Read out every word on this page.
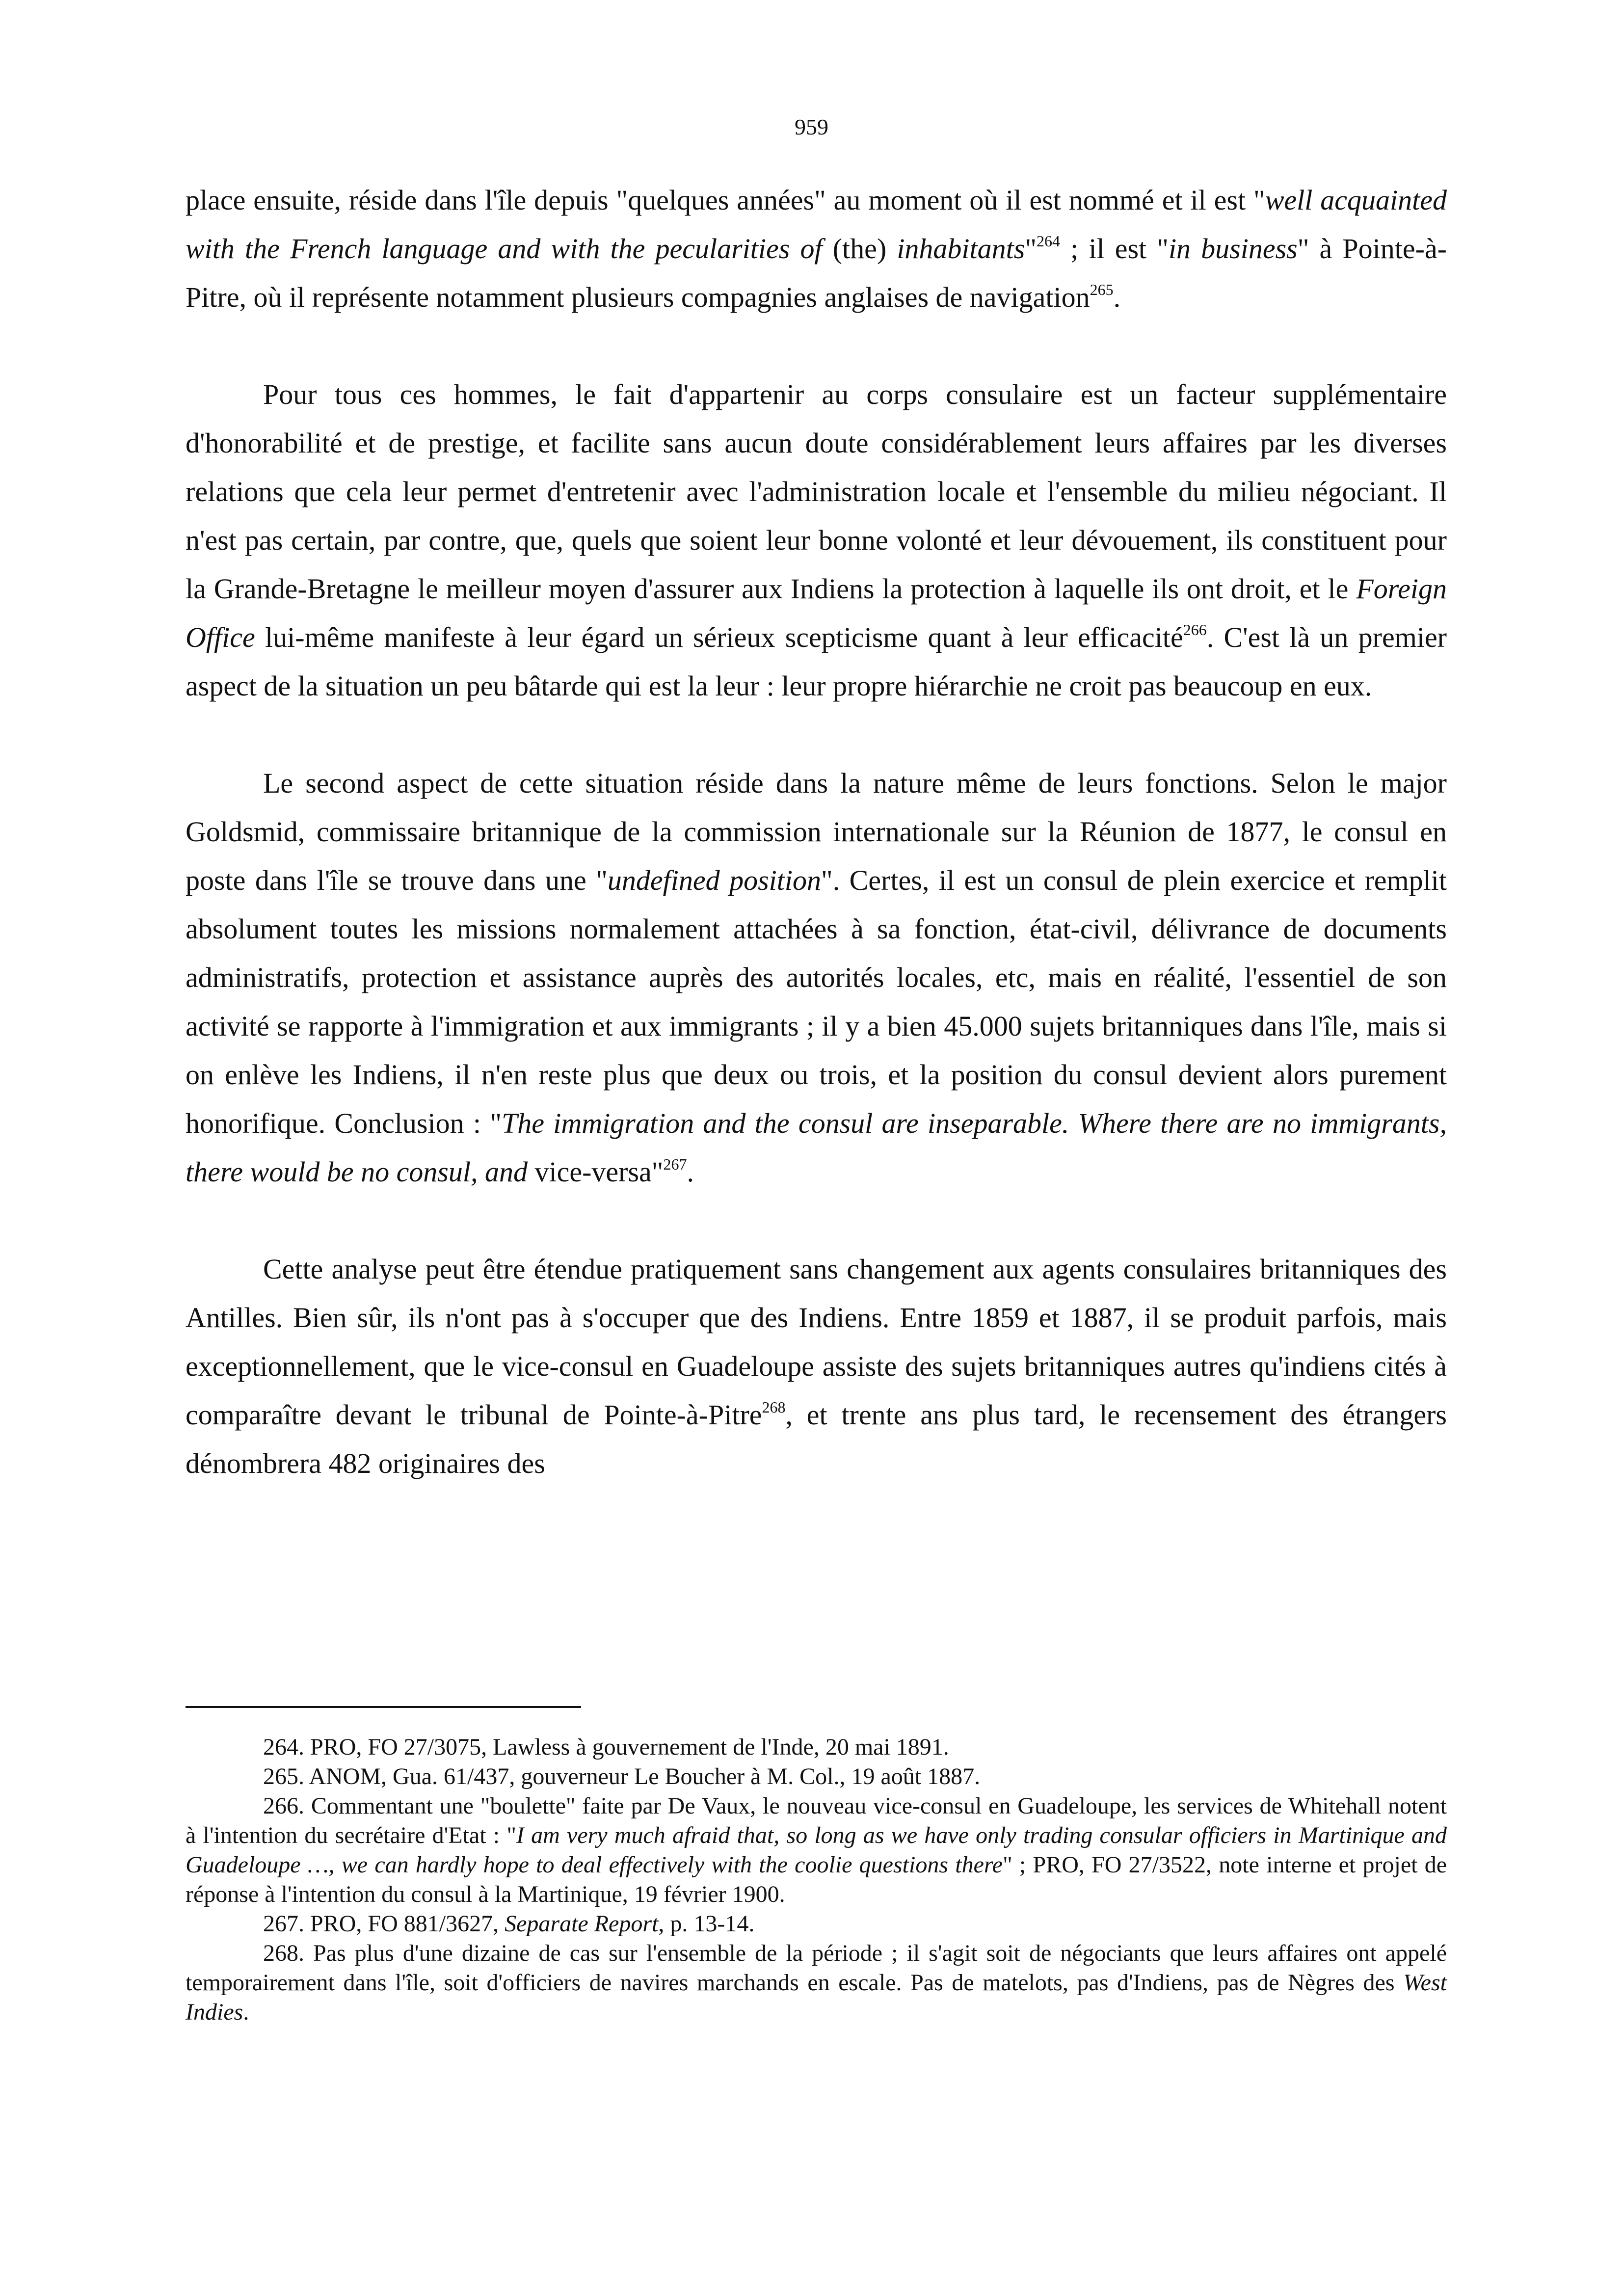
959

place ensuite, réside dans l'île depuis "quelques années" au moment où il est nommé et il est "well acquainted with the French language and with the pecularities of (the) inhabitants"$^{264}$ ; il est "in business" à Pointe-à-Pitre, où il représente notamment plusieurs compagnies anglaises de navigation$^{265}$.

Pour tous ces hommes, le fait d'appartenir au corps consulaire est un facteur supplémentaire d'honorabilité et de prestige, et facilite sans aucun doute considérablement leurs affaires par les diverses relations que cela leur permet d'entretenir avec l'administration locale et l'ensemble du milieu négociant. Il n'est pas certain, par contre, que, quels que soient leur bonne volonté et leur dévouement, ils constituent pour la Grande-Bretagne le meilleur moyen d'assurer aux Indiens la protection à laquelle ils ont droit, et le Foreign Office lui-même manifeste à leur égard un sérieux scepticisme quant à leur efficacité$^{266}$. C'est là un premier aspect de la situation un peu bâtarde qui est la leur : leur propre hiérarchie ne croit pas beaucoup en eux.

Le second aspect de cette situation réside dans la nature même de leurs fonctions. Selon le major Goldsmid, commissaire britannique de la commission internationale sur la Réunion de 1877, le consul en poste dans l'île se trouve dans une "undefined position". Certes, il est un consul de plein exercice et remplit absolument toutes les missions normalement attachées à sa fonction, état-civil, délivrance de documents administratifs, protection et assistance auprès des autorités locales, etc, mais en réalité, l'essentiel de son activité se rapporte à l'immigration et aux immigrants ; il y a bien 45.000 sujets britanniques dans l'île, mais si on enlève les Indiens, il n'en reste plus que deux ou trois, et la position du consul devient alors purement honorifique. Conclusion : "The immigration and the consul are inseparable. Where there are no immigrants, there would be no consul, and vice-versa"$^{267}$.

Cette analyse peut être étendue pratiquement sans changement aux agents consulaires britanniques des Antilles. Bien sûr, ils n'ont pas à s'occuper que des Indiens. Entre 1859 et 1887, il se produit parfois, mais exceptionnellement, que le vice-consul en Guadeloupe assiste des sujets britanniques autres qu'indiens cités à comparaître devant le tribunal de Pointe-à-Pitre$^{268}$, et trente ans plus tard, le recensement des étrangers dénombrera 482 originaires des

264. PRO, FO 27/3075, Lawless à gouvernement de l'Inde, 20 mai 1891.

265. ANOM, Gua. 61/437, gouverneur Le Boucher à M. Col., 19 août 1887.

266. Commentant une "boulette" faite par De Vaux, le nouveau vice-consul en Guadeloupe, les services de Whitehall notent à l'intention du secrétaire d'Etat : "I am very much afraid that, so long as we have only trading consular officiers in Martinique and Guadeloupe …, we can hardly hope to deal effectively with the coolie questions there" ; PRO, FO 27/3522, note interne et projet de réponse à l'intention du consul à la Martinique, 19 février 1900.

267. PRO, FO 881/3627, Separate Report, p. 13-14.

268. Pas plus d'une dizaine de cas sur l'ensemble de la période ; il s'agit soit de négociants que leurs affaires ont appelé temporairement dans l'île, soit d'officiers de navires marchands en escale. Pas de matelots, pas d'Indiens, pas de Nègres des West Indies.
